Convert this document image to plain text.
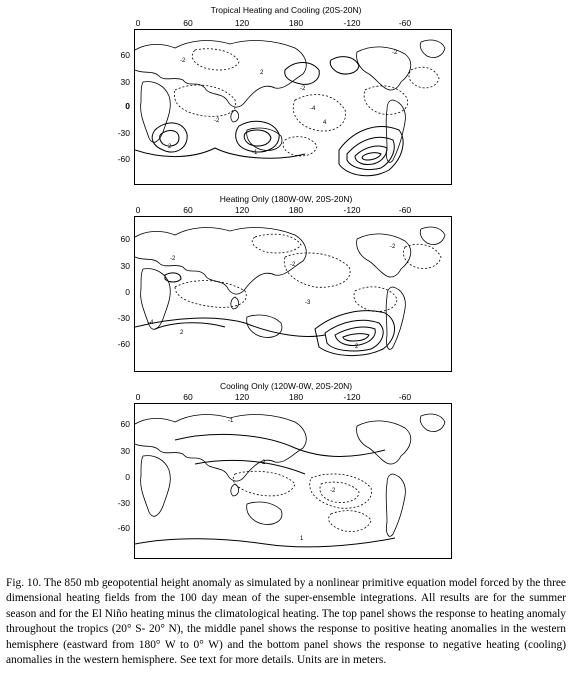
Tropical Heating and Cooling (20S-20N)
0	60	120	180	-120	-60
60
30
0
-30
-60
4
-2
-2
2
-4
2
-1
-2
-2
Heating Only (180W-0W, 20S-20N)
0	60	120	180	-120	-60
60
30
0
-30
-60
-2
-2
-4
2
-3
-2
2
Cooling Only (120W-0W, 20S-20N)
0	60	120	180	-120	-60
60
30
0
-30
-60
-1
2
-2
1
Fig. 10. The 850 mb geopotential height anomaly as simulated by a nonlinear primitive equation model forced by the three dimensional heating fields from the 100 day mean of the super-ensemble integrations. All results are for the summer season and for the El Niño heating minus the climatological heating. The top panel shows the response to heating anomaly throughout the tropics (20° S- 20° N), the middle panel shows the response to positive heating anomalies in the western hemisphere (eastward from 180° W to 0° W) and the bottom panel shows the response to negative heating (cooling) anomalies in the western hemisphere. See text for more details. Units are in meters.
